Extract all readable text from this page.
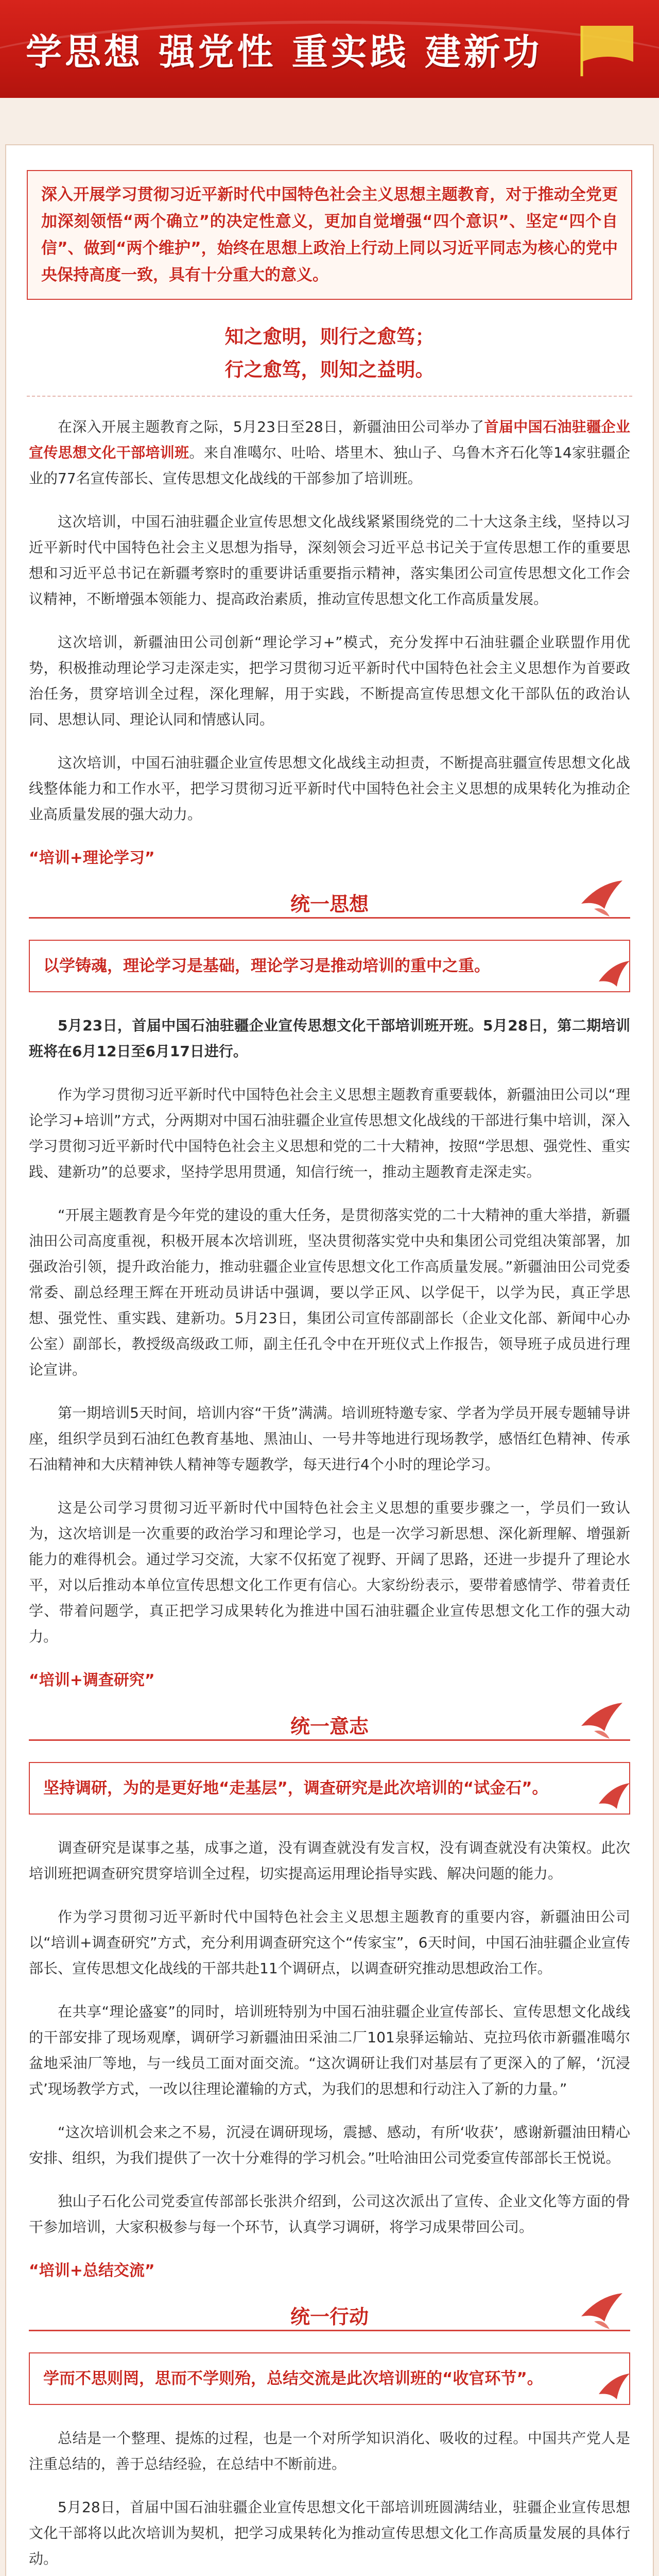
学思想 强党性 重实践 建新功
深入开展学习贯彻习近平新时代中国特色社会主义思想主题教育，对于推动全党更加深刻领悟“两个确立”的决定性意义，更加自觉增强“四个意识”、坚定“四个自信”、做到“两个维护”，始终在思想上政治上行动上同以习近平同志为核心的党中央保持高度一致，具有十分重大的意义。
知之愈明，则行之愈笃；
行之愈笃，则知之益明。

在深入开展主题教育之际，5月23日至28日，新疆油田公司举办了首届中国石油驻疆企业宣传思想文化干部培训班。来自准噶尔、吐哈、塔里木、独山子、乌鲁木齐石化等14家驻疆企业的77名宣传部长、宣传思想文化战线的干部参加了培训班。

这次培训，中国石油驻疆企业宣传思想文化战线紧紧围绕党的二十大这条主线，坚持以习近平新时代中国特色社会主义思想为指导，深刻领会习近平总书记关于宣传思想工作的重要思想和习近平总书记在新疆考察时的重要讲话重要指示精神，落实集团公司宣传思想文化工作会议精神，不断增强本领能力、提高政治素质，推动宣传思想文化工作高质量发展。

这次培训，新疆油田公司创新“理论学习+”模式，充分发挥中石油驻疆企业联盟作用优势，积极推动理论学习走深走实，把学习贯彻习近平新时代中国特色社会主义思想作为首要政治任务，贯穿培训全过程，深化理解，用于实践，不断提高宣传思想文化干部队伍的政治认同、思想认同、理论认同和情感认同。

这次培训，中国石油驻疆企业宣传思想文化战线主动担责，不断提高驻疆宣传思想文化战线整体能力和工作水平，把学习贯彻习近平新时代中国特色社会主义思想的成果转化为推动企业高质量发展的强大动力。

“培训+理论学习”
统一思想
以学铸魂，理论学习是基础，理论学习是推动培训的重中之重。

5月23日，首届中国石油驻疆企业宣传思想文化干部培训班开班。5月28日，第二期培训班将在6月12日至6月17日进行。

作为学习贯彻习近平新时代中国特色社会主义思想主题教育重要载体，新疆油田公司以“理论学习+培训”方式，分两期对中国石油驻疆企业宣传思想文化战线的干部进行集中培训，深入学习贯彻习近平新时代中国特色社会主义思想和党的二十大精神，按照“学思想、强党性、重实践、建新功”的总要求，坚持学思用贯通，知信行统一，推动主题教育走深走实。

“开展主题教育是今年党的建设的重大任务，是贯彻落实党的二十大精神的重大举措，新疆油田公司高度重视，积极开展本次培训班，坚决贯彻落实党中央和集团公司党组决策部署，加强政治引领，提升政治能力，推动驻疆企业宣传思想文化工作高质量发展。”新疆油田公司党委常委、副总经理王辉在开班动员讲话中强调，要以学正风、以学促干，以学为民，真正学思想、强党性、重实践、建新功。5月23日，集团公司宣传部副部长（企业文化部、新闻中心办公室）副部长，教授级高级政工师，副主任孔令中在开班仪式上作报告，领导班子成员进行理论宣讲。

第一期培训5天时间，培训内容“干货”满满。培训班特邀专家、学者为学员开展专题辅导讲座，组织学员到石油红色教育基地、黑油山、一号井等地进行现场教学，感悟红色精神、传承石油精神和大庆精神铁人精神等专题教学，每天进行4个小时的理论学习。

这是公司学习贯彻习近平新时代中国特色社会主义思想的重要步骤之一，学员们一致认为，这次培训是一次重要的政治学习和理论学习，也是一次学习新思想、深化新理解、增强新能力的难得机会。通过学习交流，大家不仅拓宽了视野、开阔了思路，还进一步提升了理论水平，对以后推动本单位宣传思想文化工作更有信心。大家纷纷表示，要带着感情学、带着责任学、带着问题学，真正把学习成果转化为推进中国石油驻疆企业宣传思想文化工作的强大动力。

“培训+调查研究”
统一意志
坚持调研，为的是更好地“走基层”，调查研究是此次培训的“试金石”。

调查研究是谋事之基，成事之道，没有调查就没有发言权，没有调查就没有决策权。此次培训班把调查研究贯穿培训全过程，切实提高运用理论指导实践、解决问题的能力。

作为学习贯彻习近平新时代中国特色社会主义思想主题教育的重要内容，新疆油田公司以“培训+调查研究”方式，充分利用调查研究这个“传家宝”，6天时间，中国石油驻疆企业宣传部长、宣传思想文化战线的干部共赴11个调研点，以调查研究推动思想政治工作。

在共享“理论盛宴”的同时，培训班特别为中国石油驻疆企业宣传部长、宣传思想文化战线的干部安排了现场观摩，调研学习新疆油田采油二厂101泉驿运输站、克拉玛依市新疆准噶尔盆地采油厂等地，与一线员工面对面交流。“这次调研让我们对基层有了更深入的了解，‘沉浸式’现场教学方式，一改以往理论灌输的方式，为我们的思想和行动注入了新的力量。”

“这次培训机会来之不易，沉浸在调研现场，震撼、感动，有所‘收获’，感谢新疆油田精心安排、组织，为我们提供了一次十分难得的学习机会。”吐哈油田公司党委宣传部部长王悦说。

独山子石化公司党委宣传部部长张洪介绍到，公司这次派出了宣传、企业文化等方面的骨干参加培训，大家积极参与每一个环节，认真学习调研，将学习成果带回公司。

“培训+总结交流”
统一行动
学而不思则罔，思而不学则殆，总结交流是此次培训班的“收官环节”。

总结是一个整理、提炼的过程，也是一个对所学知识消化、吸收的过程。中国共产党人是注重总结的，善于总结经验，在总结中不断前进。

5月28日，首届中国石油驻疆企业宣传思想文化干部培训班圆满结业，驻疆企业宣传思想文化干部将以此次培训为契机，把学习成果转化为推动宣传思想文化工作高质量发展的具体行动。
